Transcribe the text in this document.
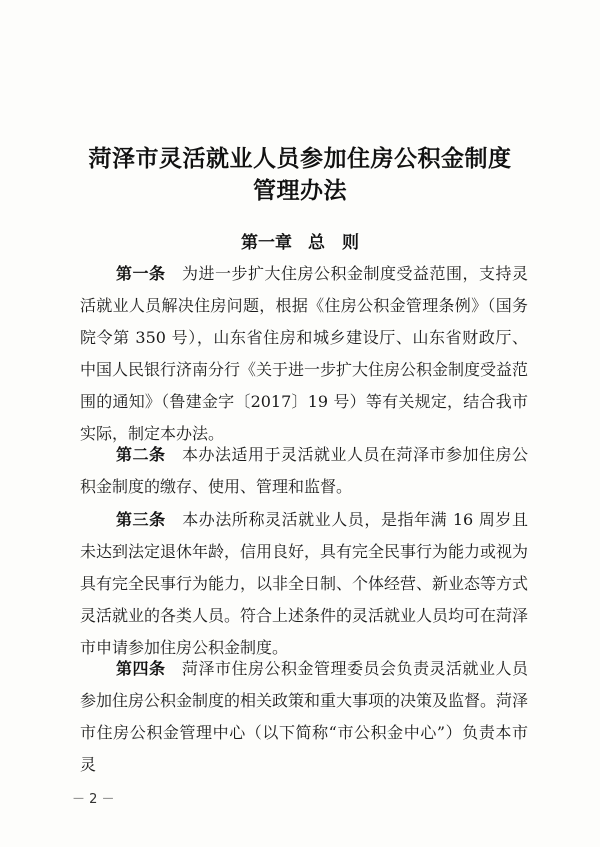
菏泽市灵活就业人员参加住房公积金制度
管理办法
第一章 总　则

第一条　 为进一步扩大住房公积金制度受益范围，支持灵活就业人员解决住房问题，根据《住房公积金管理条例》（国务院令第 350 号），山东省住房和城乡建设厅、山东省财政厅、中国人民银行济南分行《关于进一步扩大住房公积金制度受益范围的通知》（鲁建金字〔2017〕19 号）等有关规定，结合我市实际，制定本办法。

第二条　 本办法适用于灵活就业人员在菏泽市参加住房公积金制度的缴存、使用、管理和监督。

第三条　 本办法所称灵活就业人员，是指年满 16 周岁且未达到法定退休年龄，信用良好，具有完全民事行为能力或视为具有完全民事行为能力，以非全日制、个体经营、新业态等方式灵活就业的各类人员。符合上述条件的灵活就业人员均可在菏泽市申请参加住房公积金制度。

第四条　 菏泽市住房公积金管理委员会负责灵活就业人员参加住房公积金制度的相关政策和重大事项的决策及监督。菏泽市住房公积金管理中心（以下简称“市公积金中心”）负责本市灵

－ 2 －
